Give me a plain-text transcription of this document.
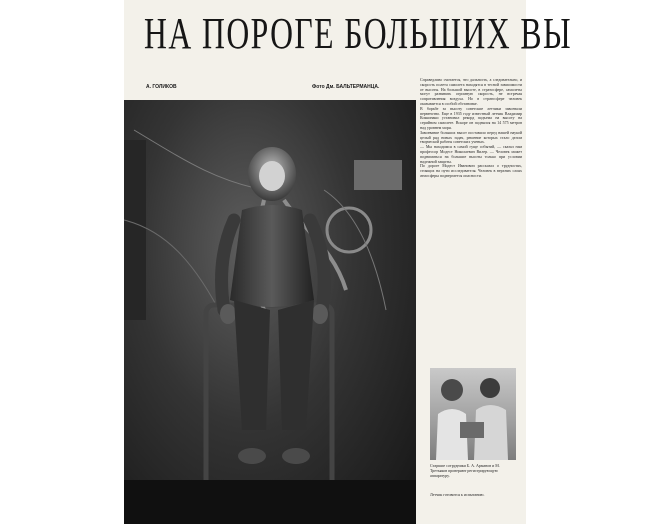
НА ПОРОГЕ БОЛЬШИХ ВЫ
А. ГОЛИКОВ	Фото Дм. БАЛЬТЕРМАНЦА.

Справедливо считается, что дальность, а следовательно, и скорость полета самолета находятся в тесной зависимости от высоты. На большой высоте, в стратосфере, самолеты могут развивать огромную скорость, не встречая сопротивления воздуха. Но в стратосфере человек оказывается в особой обстановке.

В борьбе за высоту советские летчики завоевали первенство. Еще в 1935 году известный летчик Владимир Коккинаки установил рекорд подъема на высоту на серийном самолете. Вскоре он поднялся на 14 575 метров над уровнем моря.

Завоевание больших высот поставило перед нашей наукой целый ряд новых задач, решение которых стало делом творческой работы советских ученых.

— Мы находимся в самой гуще событий, — сказал нам профессор Модест Николаевич Вилер. — Человек может подниматься на большие высоты только при условии надежной защиты.

По дороге Модест Иванович рассказал о трудностях, стоящих на пути исследователя. Человек в верхних слоях атмосферы подвергается опасности.

Старшие сотрудники Б. А. Арманов и М. Третьяков проверяют регистрирующую аппаратуру.
Летчик готовится к испытанию.
